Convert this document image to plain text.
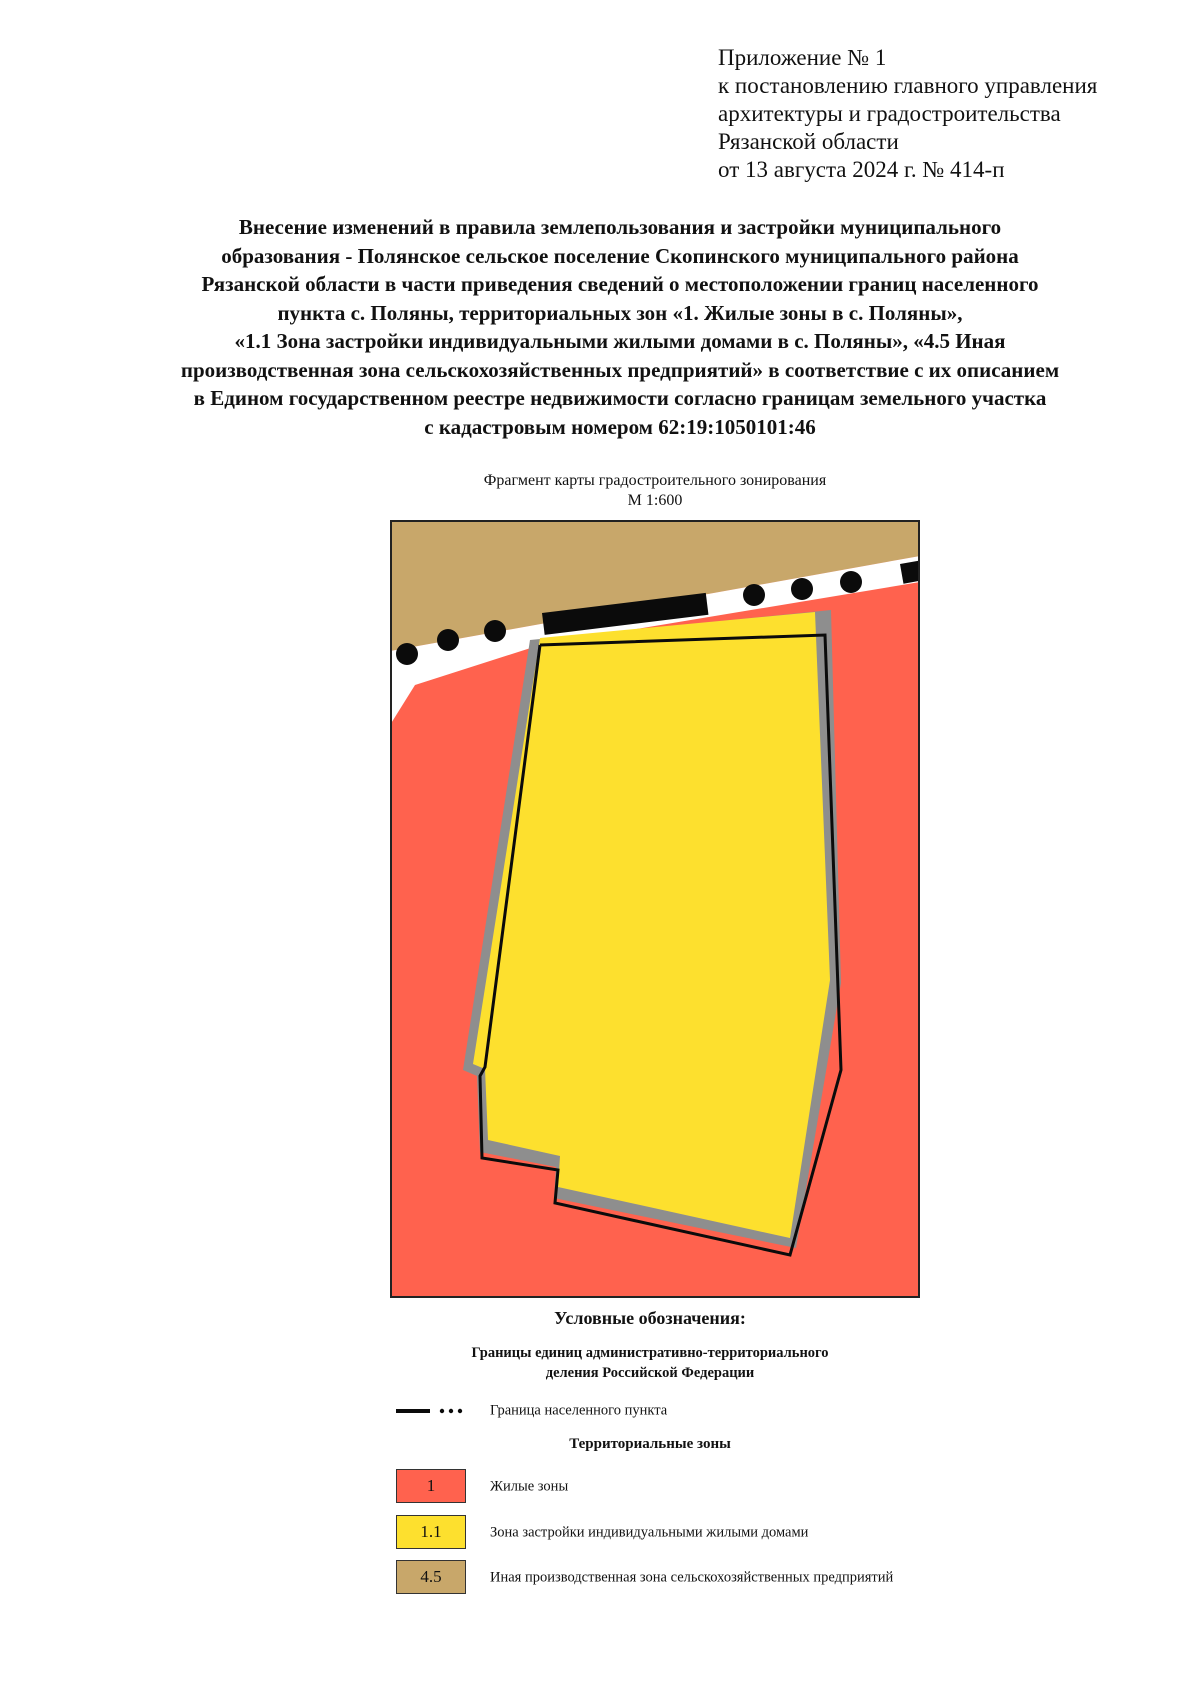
Приложение № 1
к постановлению главного управления
архитектуры и градостроительства
Рязанской области
от 13 августа 2024 г. № 414-п
Внесение изменений в правила землепользования и застройки муниципального
образования - Полянское сельское поселение Скопинского муниципального района
Рязанской области в части приведения сведений о местоположении границ населенного
пункта с. Поляны, территориальных зон «1. Жилые зоны в с. Поляны»,
«1.1 Зона застройки индивидуальными жилыми домами в с. Поляны», «4.5 Иная
производственная зона сельскохозяйственных предприятий» в соответствие с их описанием
в Едином государственном реестре недвижимости согласно границам земельного участка
с кадастровым номером 62:19:1050101:46
Фрагмент карты градостроительного зонирования
М 1:600
Условные обозначения:
Границы единиц административно-территориального
деления Российской Федерации
Граница населенного пункта
Территориальные зоны
1	Жилые зоны
1.1	Зона застройки индивидуальными жилыми домами
4.5	Иная производственная зона сельскохозяйственных предприятий
